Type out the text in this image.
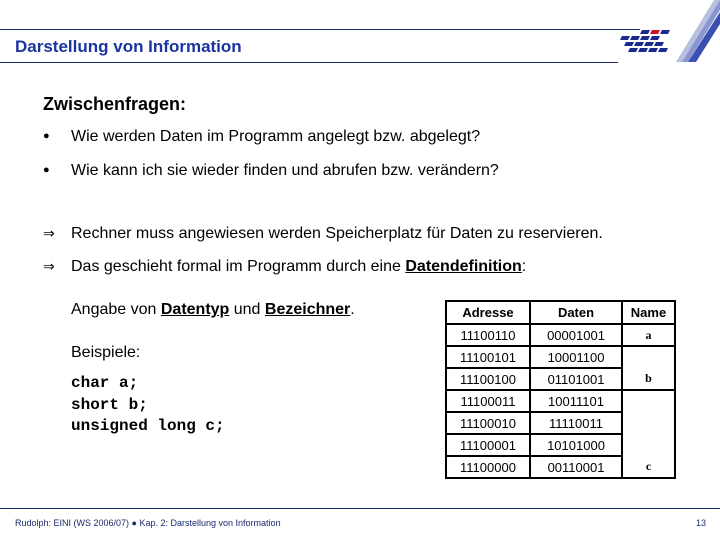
Darstellung von Information
Zwischenfragen:
● Wie werden Daten im Programm angelegt bzw. abgelegt?
● Wie kann ich sie wieder finden und abrufen bzw. verändern?
⇒ Rechner muss angewiesen werden Speicherplatz für Daten zu reservieren.
⇒ Das geschieht formal im Programm durch eine Datendefinition:
Angabe von Datentyp und Bezeichner.
Beispiele:
char a;
short b;
unsigned long c;
Adresse	Daten	Name
11100110	00001001	a
11100101	10001100	
11100100	01101001	b
11100011	10011101	
11100010	11110011	
11100001	10101000	
11100000	00110001	c
Rudolph: EINI (WS 2006/07) ● Kap. 2: Darstellung von Information	13
